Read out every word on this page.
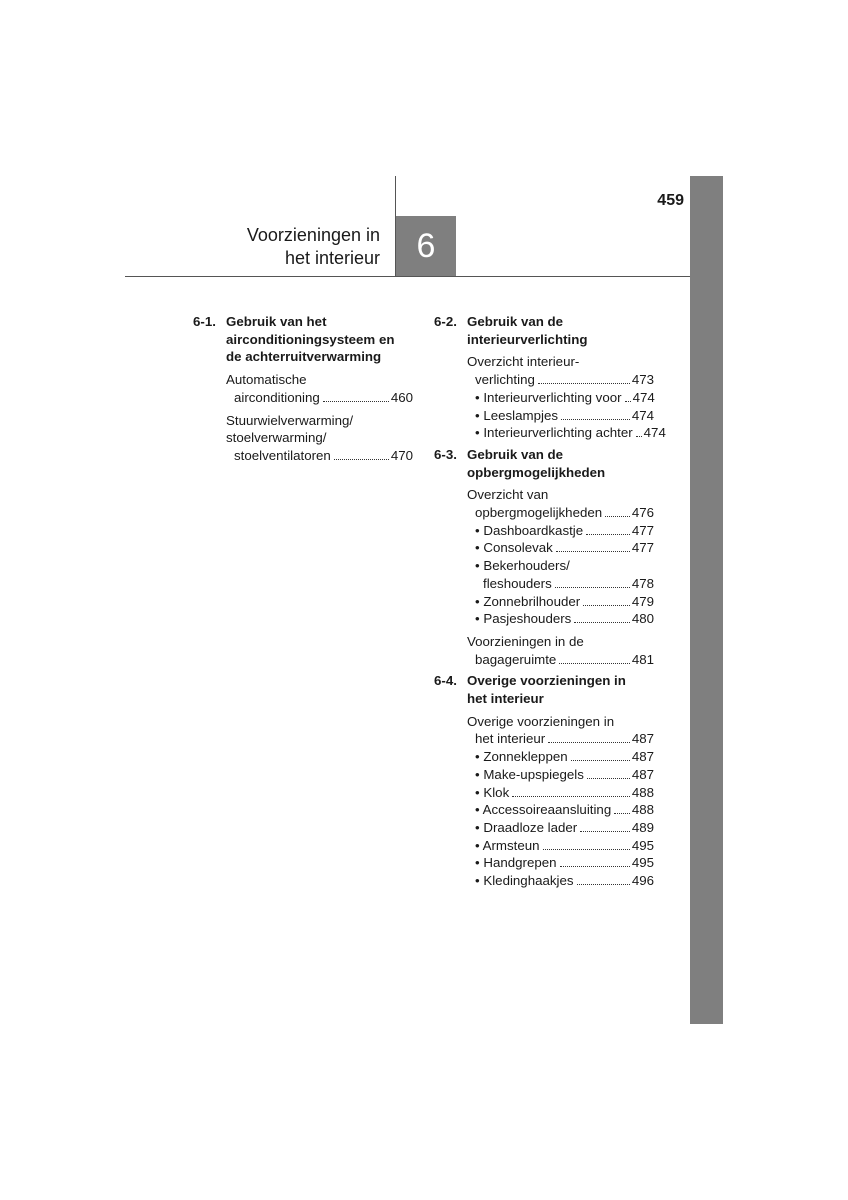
6
459
Voorzieningen in
het interieur
6-1. Gebruik van het
airconditioningsysteem en
de achterruitverwarming
Automatische
airconditioning	460
Stuurwielverwarming/
stoelverwarming/
stoelventilatoren	470
6-2. Gebruik van de
interieurverlichting
Overzicht interieur-
verlichting	473
• Interieurverlichting voor 474
• Leeslampjes	474
• Interieurverlichting achter 474
6-3. Gebruik van de
opbergmogelijkheden
Overzicht van
opbergmogelijkheden 476
• Dashboardkastje	477
• Consolevak	477
• Bekerhouders/
fleshouders	478
• Zonnebrilhouder	479
• Pasjeshouders	480
Voorzieningen in de
bagageruimte	481
6-4. Overige voorzieningen in
het interieur
Overige voorzieningen in
het interieur	487
• Zonnekleppen	487
• Make-upspiegels	487
• Klok	488
• Accessoireaansluiting 488
• Draadloze lader	489
• Armsteun	495
• Handgrepen	495
• Kledinghaakjes	496
